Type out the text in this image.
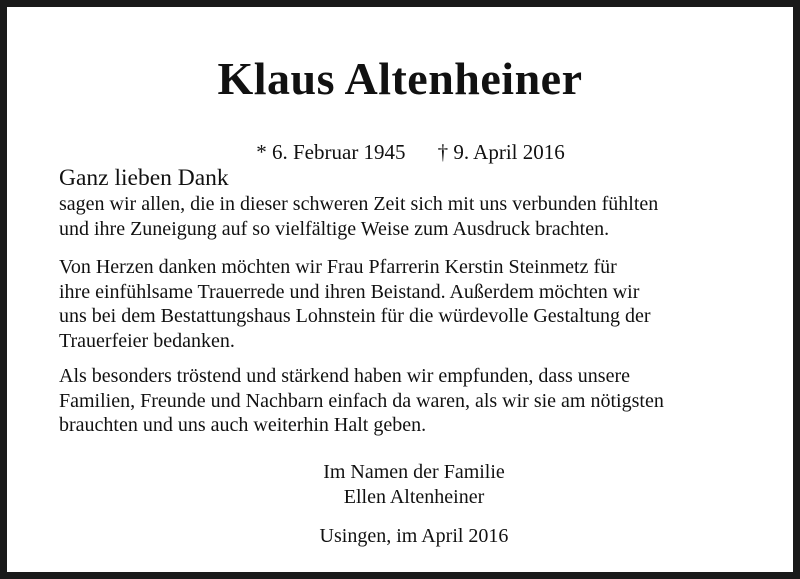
Klaus Altenheiner

* 6. Februar 1945 † 9. April 2016

Ganz lieben Dank
sagen wir allen, die in dieser schweren Zeit sich mit uns verbunden fühlten
und ihre Zuneigung auf so vielfältige Weise zum Ausdruck brachten.
Von Herzen danken möchten wir Frau Pfarrerin Kerstin Steinmetz für
ihre einfühlsame Trauerrede und ihren Beistand. Außerdem möchten wir
uns bei dem Bestattungshaus Lohnstein für die würdevolle Gestaltung der
Trauerfeier bedanken.
Als besonders tröstend und stärkend haben wir empfunden, dass unsere
Familien, Freunde und Nachbarn einfach da waren, als wir sie am nötigsten
brauchten und uns auch weiterhin Halt geben.
Im Namen der Familie
Ellen Altenheiner
Usingen, im April 2016
